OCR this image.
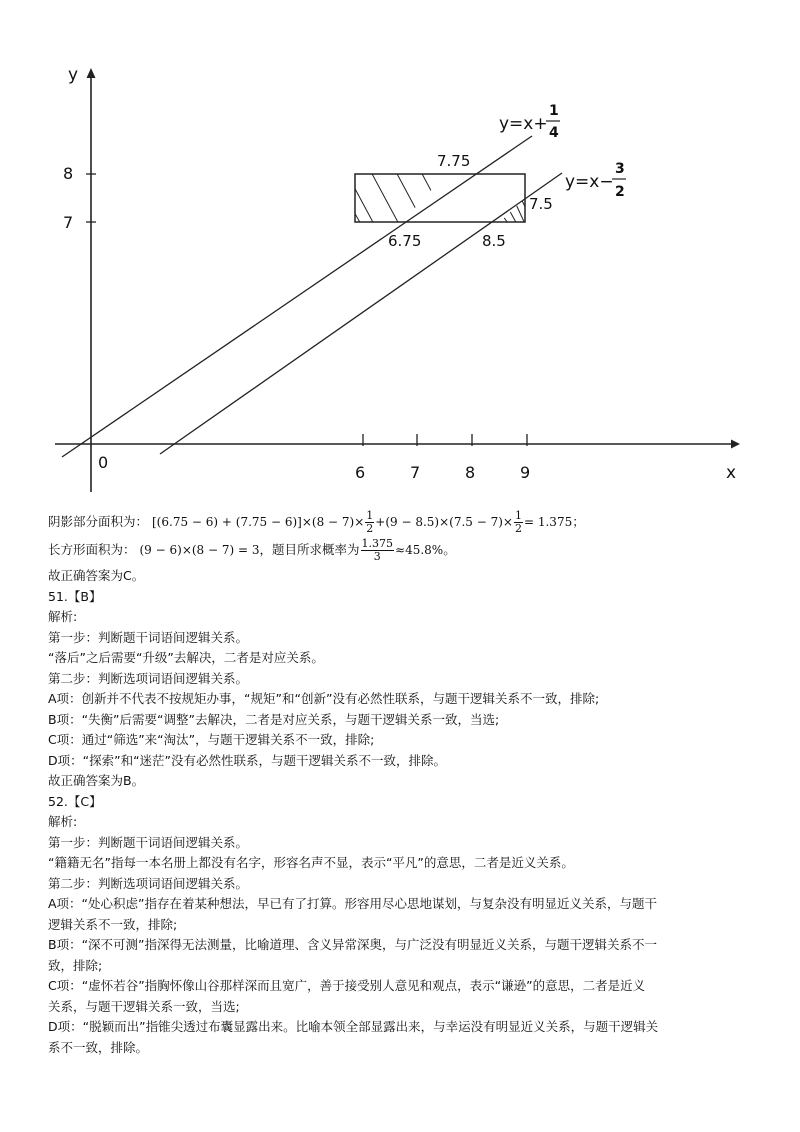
y
x
0
6	7	8	9
8
7
y=x+
1
4
y=x−
3
2
7.75
6.75	8.5
7.5
阴影部分面积为： $[(6.75 - 6) + (7.75 - 6)]\times(8 - 7)\times \frac{1}{2} +(9 - 8.5)\times(7.5 - 7)\times \frac{1}{2} = 1.375$；
长方形面积为： (9 − 6)×(8 − 7) = 3，题目所求概率为 $\frac{1.375}{3} \approx 45.8\%$。

故正确答案为C。

51.【B】

解析:

第一步：判断题干词语间逻辑关系。

“落后”之后需要“升级”去解决，二者是对应关系。

第二步：判断选项词语间逻辑关系。

A项：创新并不代表不按规矩办事，“规矩”和“创新”没有必然性联系，与题干逻辑关系不一致，排除;

B项：“失衡”后需要“调整”去解决，二者是对应关系，与题干逻辑关系一致，当选;

C项：通过“筛选”来“淘汰”，与题干逻辑关系不一致，排除;

D项：“探索”和“迷茫”没有必然性联系，与题干逻辑关系不一致，排除。

故正确答案为B。

52.【C】

解析:

第一步：判断题干词语间逻辑关系。

“籍籍无名”指每一本名册上都没有名字，形容名声不显，表示“平凡”的意思，二者是近义关系。

第二步：判断选项词语间逻辑关系。

A项：“处心积虑”指存在着某种想法，早已有了打算。形容用尽心思地谋划，与复杂没有明显近义关系，与题干

逻辑关系不一致，排除;

B项：“深不可测”指深得无法测量，比喻道理、含义异常深奥，与广泛没有明显近义关系，与题干逻辑关系不一

致，排除;

C项：“虚怀若谷”指胸怀像山谷那样深而且宽广，善于接受别人意见和观点，表示“谦逊”的意思，二者是近义

关系，与题干逻辑关系一致，当选;

D项：“脱颖而出”指锥尖透过布囊显露出来。比喻本领全部显露出来，与幸运没有明显近义关系，与题干逻辑关

系不一致，排除。
